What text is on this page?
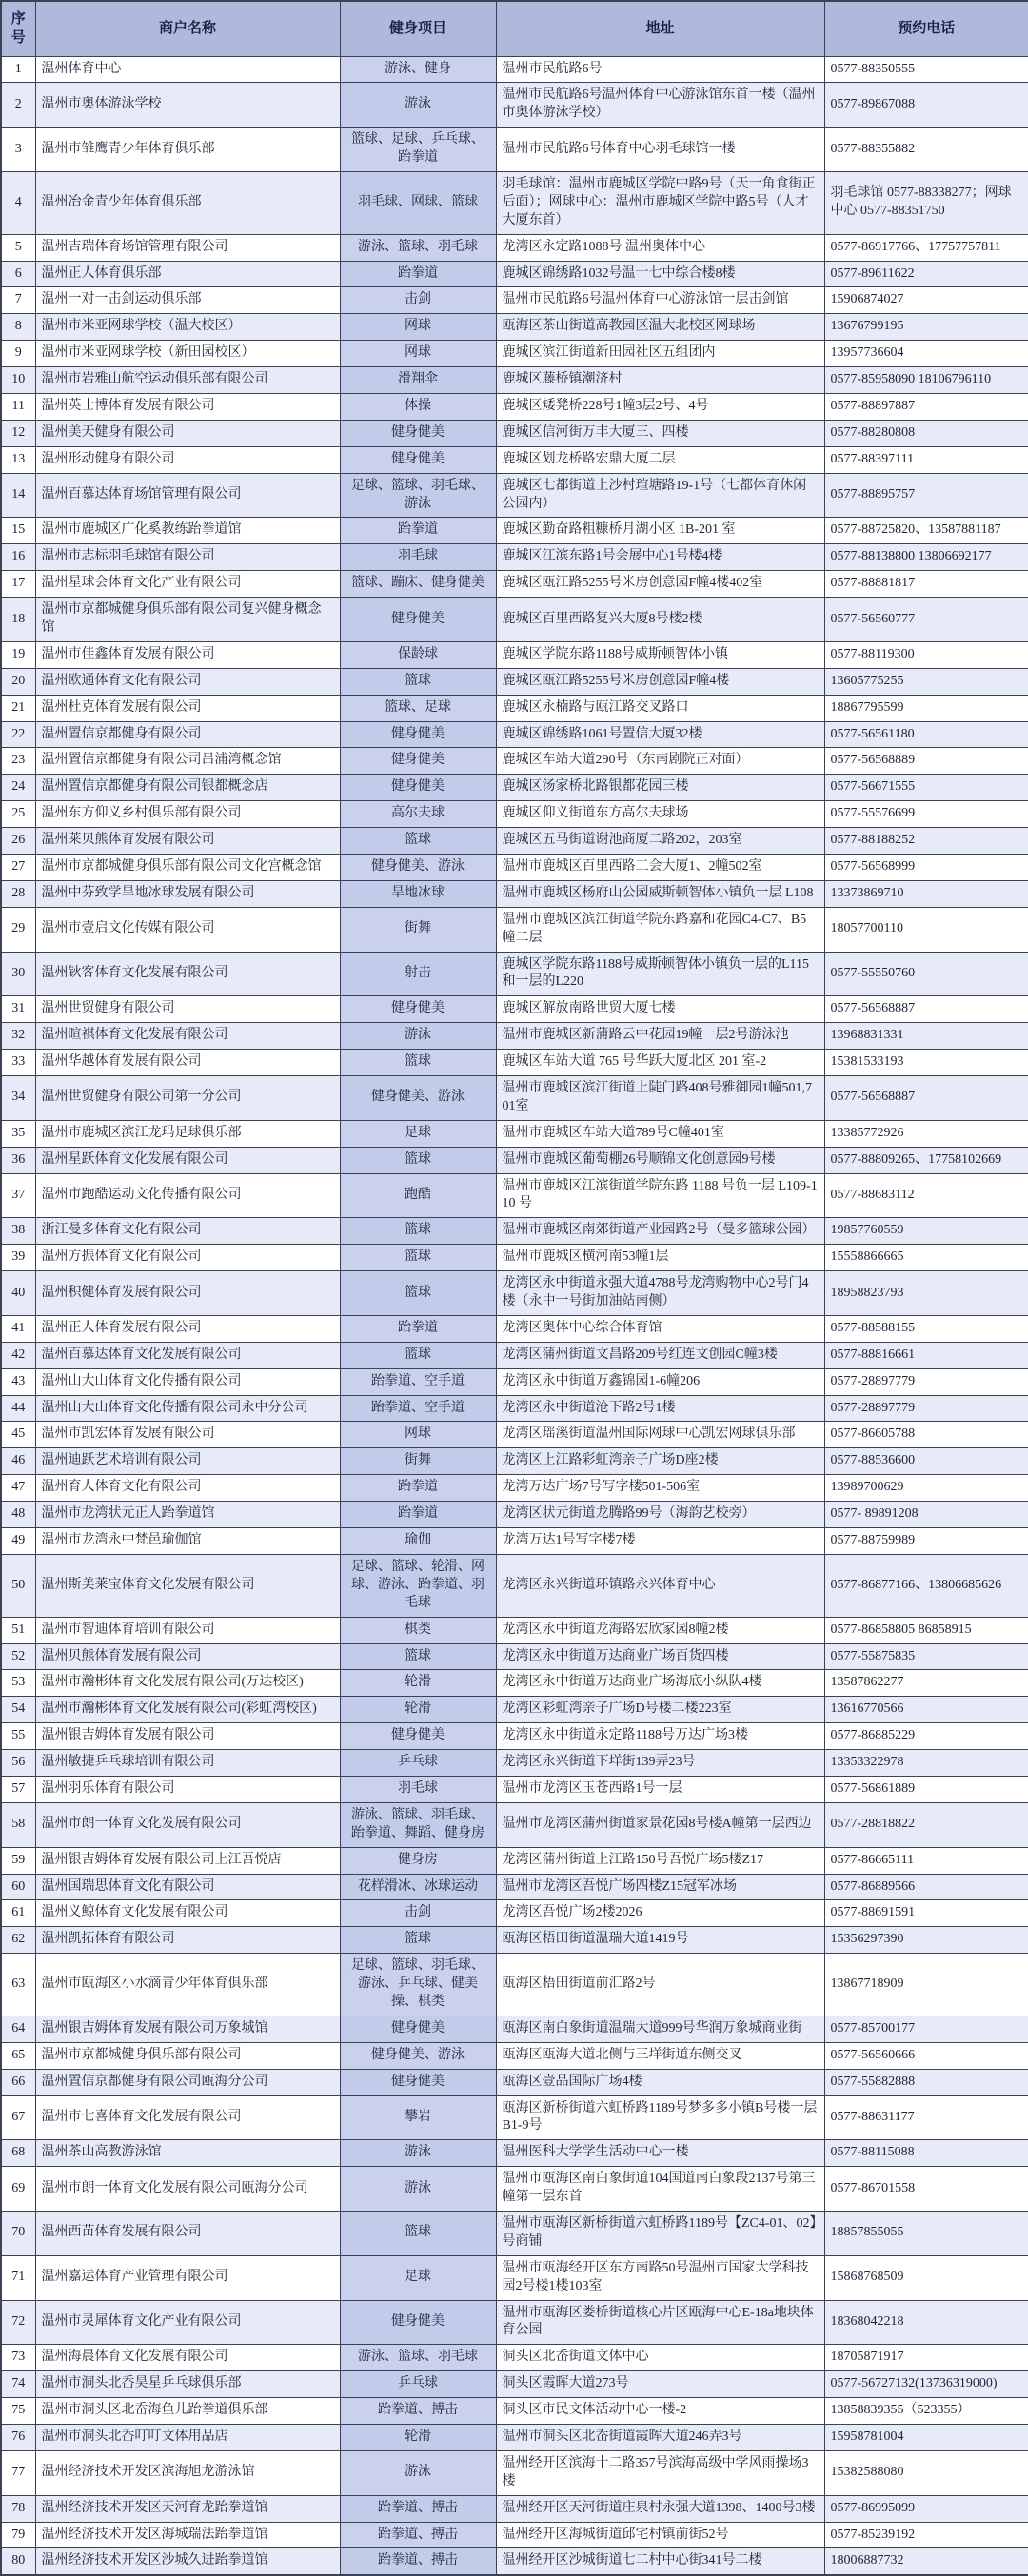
序号	商户名称	健身项目	地址	预约电话
1	温州体育中心	游泳、健身	温州市民航路6号	0577-88350555
2	温州市奥体游泳学校	游泳	温州市民航路6号温州体育中心游泳馆东首一楼（温州市奥体游泳学校）	0577-89867088
3	温州市雏鹰青少年体育俱乐部	篮球、足球、乒乓球、跆拳道	温州市民航路6号体育中心羽毛球馆一楼	0577-88355882
4	温州冶金青少年体育俱乐部	羽毛球、网球、篮球	羽毛球馆：温州市鹿城区学院中路9号（天一角食街正后面）；网球中心：温州市鹿城区学院中路5号（人才大厦东首）	羽毛球馆 0577-88338277；网球中心 0577-88351750
5	温州吉瑞体育场馆管理有限公司	游泳、篮球、羽毛球	龙湾区永定路1088号 温州奥体中心	0577-86917766、17757757811
6	温州正人体育俱乐部	跆拳道	鹿城区锦绣路1032号温十七中综合楼8楼	0577-89611622
7	温州一对一击剑运动俱乐部	击剑	温州市民航路6号温州体育中心游泳馆一层击剑馆	15906874027
8	温州市米亚网球学校（温大校区）	网球	瓯海区茶山街道高教园区温大北校区网球场	13676799195
9	温州市米亚网球学校（新田园校区）	网球	鹿城区滨江街道新田园社区五组团内	13957736604
10	温州市岩雅山航空运动俱乐部有限公司	滑翔伞	鹿城区藤桥镇潮济村	0577-85958090 18106796110
11	温州英士博体育发展有限公司	体操	鹿城区矮凳桥228号1幢3层2号、4号	0577-88897887
12	温州美天健身有限公司	健身健美	鹿城区信河街万丰大厦三、四楼	0577-88280808
13	温州形动健身有限公司	健身健美	鹿城区划龙桥路宏鼎大厦二层	0577-88397111
14	温州百慕达体育场馆管理有限公司	足球、篮球、羽毛球、游泳	鹿城区七都街道上沙村瑄塘路19-1号（七都体育休闲公园内）	0577-88895757
15	温州市鹿城区广化奚教练跆拳道馆	跆拳道	鹿城区勤奋路粗糠桥月湖小区 1B-201 室	0577-88725820、13587881187
16	温州市志标羽毛球馆有限公司	羽毛球	鹿城区江滨东路1号会展中心1号楼4楼	0577-88138800 13806692177
17	温州星球会体育文化产业有限公司	篮球、蹦床、健身健美	鹿城区瓯江路5255号米房创意园F幢4楼402室	0577-88881817
18	温州市京都城健身俱乐部有限公司复兴健身概念馆	健身健美	鹿城区百里西路复兴大厦8号楼2楼	0577-56560777
19	温州市佳鑫体育发展有限公司	保龄球	鹿城区学院东路1188号威斯顿智体小镇	0577-88119300
20	温州欧通体育文化有限公司	篮球	鹿城区瓯江路5255号米房创意园F幢4楼	13605775255
21	温州杜克体育发展有限公司	篮球、足球	鹿城区永楠路与瓯江路交叉路口	18867795599
22	温州置信京都健身有限公司	健身健美	鹿城区锦绣路1061号置信大厦32楼	0577-56561180
23	温州置信京都健身有限公司吕浦湾概念馆	健身健美	鹿城区车站大道290号（东南剧院正对面）	0577-56568889
24	温州置信京都健身有限公司银都概念店	健身健美	鹿城区汤家桥北路银都花园三楼	0577-56671555
25	温州东方仰义乡村俱乐部有限公司	高尔夫球	鹿城区仰义街道东方高尔夫球场	0577-55576699
26	温州莱贝熊体育发展有限公司	篮球	鹿城区五马街道谢池商厦二路202，203室	0577-88188252
27	温州市京都城健身俱乐部有限公司文化宫概念馆	健身健美、游泳	温州市鹿城区百里西路工会大厦1、2幢502室	0577-56568999
28	温州中芬致学旱地冰球发展有限公司	旱地冰球	温州市鹿城区杨府山公园威斯顿智体小镇负一层 L108	13373869710
29	温州市壹启文化传媒有限公司	街舞	温州市鹿城区滨江街道学院东路嘉和花园C4-C7、B5幢二层	18057700110
30	温州钬客体育文化发展有限公司	射击	鹿城区学院东路1188号威斯顿智体小镇负一层的L115和一层的L220	0577-55550760
31	温州世贸健身有限公司	健身健美	鹿城区解放南路世贸大厦七楼	0577-56568887
32	温州暄祺体育文化发展有限公司	游泳	温州市鹿城区新蒲路云中花园19幢一层2号游泳池	13968831331
33	温州华越体育发展有限公司	篮球	鹿城区车站大道 765 号华跃大厦北区 201 室-2	15381533193
34	温州世贸健身有限公司第一分公司	健身健美、游泳	温州市鹿城区滨江街道上陡门路408号雅御园1幢501,701室	0577-56568887
35	温州市鹿城区滨江龙玛足球俱乐部	足球	温州市鹿城区车站大道789号C幢401室	13385772926
36	温州星跃体育文化发展有限公司	篮球	温州市鹿城区葡萄棚26号顺锦文化创意园9号楼	0577-88809265、17758102669
37	温州市跑酷运动文化传播有限公司	跑酷	温州市鹿城区江滨街道学院东路 1188 号负一层 L109-110 号	0577-88683112
38	浙江曼多体育文化有限公司	篮球	温州市鹿城区南郊街道产业园路2号（曼多篮球公园）	19857760559
39	温州方振体育文化有限公司	篮球	温州市鹿城区横河南53幢1层	15558866665
40	温州积健体育发展有限公司	篮球	龙湾区永中街道永强大道4788号龙湾购物中心2号门4楼（永中一号街加油站南侧）	18958823793
41	温州正人体育发展有限公司	跆拳道	龙湾区奥体中心综合体育馆	0577-88588155
42	温州百慕达体育文化发展有限公司	篮球	龙湾区蒲州街道文昌路209号红连文创园C幢3楼	0577-88816661
43	温州山大山体育文化传播有限公司	跆拳道、空手道	龙湾区永中街道万鑫锦园1-6幢206	0577-28897779
44	温州山大山体育文化传播有限公司永中分公司	跆拳道、空手道	龙湾区永中街道沧下路2号1楼	0577-28897779
45	温州市凯宏体育发展有限公司	网球	龙湾区瑶溪街道温州国际网球中心凯宏网球俱乐部	0577-86605788
46	温州迪跃艺术培训有限公司	街舞	龙湾区上江路彩虹湾亲子广场D座2楼	0577-88536600
47	温州育人体育文化有限公司	跆拳道	龙湾万达广场7号写字楼501-506室	13989700629
48	温州市龙湾状元正人跆拳道馆	跆拳道	龙湾区状元街道龙腾路99号（海韵艺校旁）	0577- 89891208
49	温州市龙湾永中梵邑瑜伽馆	瑜伽	龙湾万达1号写字楼7楼	0577-88759989
50	温州斯美莱宝体育文化发展有限公司	足球、篮球、轮滑、网球、游泳、跆拳道、羽毛球	龙湾区永兴街道环镇路永兴体育中心	0577-86877166、13806685626
51	温州市智迪体育培训有限公司	棋类	龙湾区永中街道龙海路宏欣家园8幢2楼	0577-86858805 86858915
52	温州贝熊体育发展有限公司	篮球	龙湾区永中街道万达商业广场百货四楼	0577-55875835
53	温州市瀚彬体育文化发展有限公司(万达校区)	轮滑	龙湾区永中街道万达商业广场海底小纵队4楼	13587862277
54	温州市瀚彬体育文化发展有限公司(彩虹湾校区)	轮滑	龙湾区彩虹湾亲子广场D号楼二楼223室	13616770566
55	温州银吉姆体育发展有限公司	健身健美	龙湾区永中街道永定路1188号万达广场3楼	0577-86885229
56	温州敏捷乒乓球培训有限公司	乒乓球	龙湾区永兴街道下垟街139弄23号	13353322978
57	温州羽乐体育有限公司	羽毛球	温州市龙湾区玉苍西路1号一层	0577-56861889
58	温州市朗一体育文化发展有限公司	游泳、篮球、羽毛球、跆拳道、舞蹈、健身房	温州市龙湾区蒲州街道家景花园8号楼A幢第一层西边	0577-28818822
59	温州银吉姆体育发展有限公司上江吾悦店	健身房	龙湾区蒲州街道上江路150号吾悦广场5楼Z17	0577-86665111
60	温州国瑞思体育文化有限公司	花样滑冰、冰球运动	温州市龙湾区吾悦广场四楼Z15冠军冰场	0577-86889566
61	温州义鲸体育文化发展有限公司	击剑	龙湾区吾悦广场2楼2026	0577-88691591
62	温州凯拓体育有限公司	篮球	瓯海区梧田街道温瑞大道1419号	15356297390
63	温州市瓯海区小水滴青少年体育俱乐部	足球、篮球、羽毛球、游泳、乒乓球、健美操、棋类	瓯海区梧田街道前汇路2号	13867718909
64	温州银吉姆体育发展有限公司万象城馆	健身健美	瓯海区南白象街道温瑞大道999号华润万象城商业街	0577-85700177
65	温州市京都城健身俱乐部有限公司	健身健美、游泳	瓯海区瓯海大道北侧与三垟街道东侧交叉	0577-56560666
66	温州置信京都健身有限公司瓯海分公司	健身健美	瓯海区壹品国际广场4楼	0577-55882888
67	温州市七喜体育文化发展有限公司	攀岩	瓯海区新桥街道六虹桥路1189号梦多多小镇B号楼一层B1-9号	0577-88631177
68	温州茶山高教游泳馆	游泳	温州医科大学学生活动中心一楼	0577-88115088
69	温州市朗一体育文化发展有限公司瓯海分公司	游泳	温州市瓯海区南白象街道104国道南白象段2137号第三幢第一层东首	0577-86701558
70	温州西苗体育发展有限公司	篮球	温州市瓯海区新桥街道六虹桥路1189号【ZC4-01、02】号商铺	18857855055
71	温州嘉运体育产业管理有限公司	足球	温州市瓯海经开区东方南路50号温州市国家大学科技园2号楼1楼103室	15868768509
72	温州市灵犀体育文化产业有限公司	健身健美	温州市瓯海区娄桥街道核心片区瓯海中心E-18a地块体育公园	18368042218
73	温州海晨体育文化发展有限公司	游泳、篮球、羽毛球	洞头区北岙街道文体中心	18705871917
74	温州市洞头北岙昊星乒乓球俱乐部	乒乓球	洞头区霞晖大道273号	0577-56727132(13736319000)
75	温州市洞头区北岙海鱼儿跆拳道俱乐部	跆拳道、搏击	洞头区市民文体活动中心一楼-2	13858839355（523355）
76	温州市洞头北岙叮叮文体用品店	轮滑	温州市洞头区北岙街道霞晖大道246弄3号	15958781004
77	温州经济技术开发区滨海旭龙游泳馆	游泳	温州经开区滨海十二路357号滨海高级中学风雨操场3楼	15382588080
78	温州经济技术开发区天河育龙跆拳道馆	跆拳道、搏击	温州经开区天河街道庄泉村永强大道1398、1400号3楼	0577-86995099
79	温州经济技术开发区海城瑞法跆拳道馆	跆拳道、搏击	温州经开区海城街道邱宅村镇前街52号	0577-85239192
80	温州经济技术开发区沙城久进跆拳道馆	跆拳道、搏击	温州经开区沙城街道七二村中心街341号二楼	18006887732
